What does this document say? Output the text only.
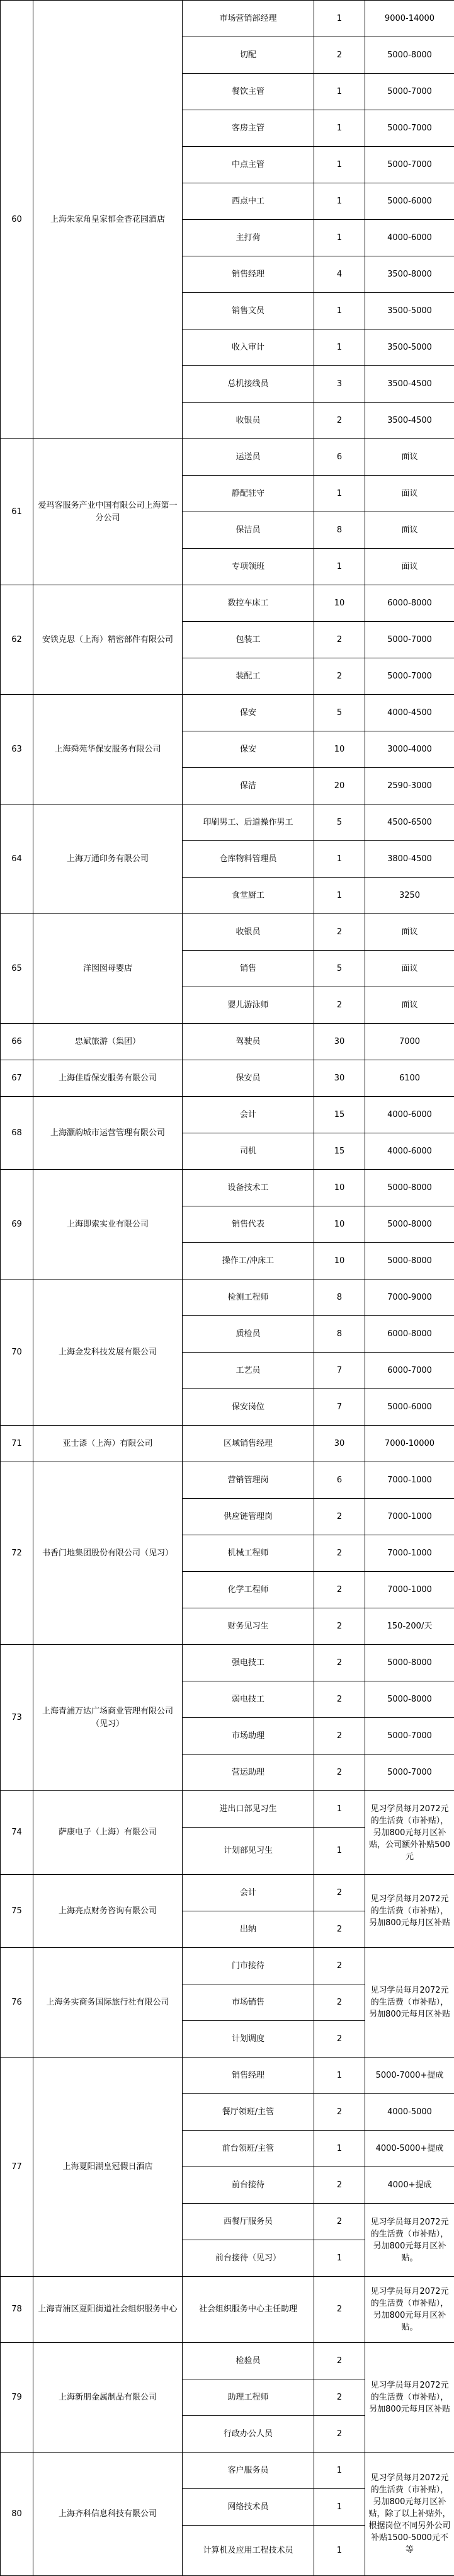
60	上海朱家角皇家郁金香花园酒店	市场营销部经理	1	9000-14000
		切配	2	5000-8000
		餐饮主管	1	5000-7000
		客房主管	1	5000-7000
		中点主管	1	5000-7000
		西点中工	1	5000-6000
		主打荷	1	4000-6000
		销售经理	4	3500-8000
		销售文员	1	3500-5000
		收入审计	1	3500-5000
		总机接线员	3	3500-4500
		收银员	2	3500-4500
61	爱玛客服务产业中国有限公司上海第一分公司	运送员	6	面议
		静配驻守	1	面议
		保洁员	8	面议
		专项领班	1	面议
62	安铁克思（上海）精密部件有限公司	数控车床工	10	6000-8000
		包装工	2	5000-7000
		装配工	2	5000-7000
63	上海舜苑华保安服务有限公司	保安	5	4000-4500
		保安	10	3000-4000
		保洁	20	2590-3000
64	上海万通印务有限公司	印刷男工、后道操作男工	5	4500-6500
		仓库物料管理员	1	3800-4500
		食堂厨工	1	3250
65	洋囡囡母婴店	收银员	2	面议
		销售	5	面议
		婴儿游泳师	2	面议
66	忠斌旅游（集团）	驾驶员	30	7000
67	上海佳盾保安服务有限公司	保安员	30	6100
68	上海灏韵城市运营管理有限公司	会计	15	4000-6000
		司机	15	4000-6000
69	上海即索实业有限公司	设备技术工	10	5000-8000
		销售代表	10	5000-8000
		操作工/冲床工	10	5000-8000
70	上海金发科技发展有限公司	检测工程师	8	7000-9000
		质检员	8	6000-8000
		工艺员	7	6000-7000
		保安岗位	7	5000-6000
71	亚士漆（上海）有限公司	区域销售经理	30	7000-10000
72	书香门地集团股份有限公司（见习）	营销管理岗	6	7000-1000
		供应链管理岗	2	7000-1000
		机械工程师	2	7000-1000
		化学工程师	2	7000-1000
		财务见习生	2	150-200/天
73	上海青浦万达广场商业管理有限公司（见习）	强电技工	2	5000-8000
		弱电技工	2	5000-8000
		市场助理	2	5000-7000
		营运助理	2	5000-7000
74	萨康电子（上海）有限公司	进出口部见习生	1	见习学员每月2072元的生活费（市补贴），另加800元每月区补贴，公司额外补贴500元
		计划部见习生	1	
75	上海亮点财务咨询有限公司	会计	2	见习学员每月2072元的生活费（市补贴），另加800元每月区补贴
		出纳	2	
76	上海务实商务国际旅行社有限公司	门市接待	2	见习学员每月2072元的生活费（市补贴），另加800元每月区补贴
		市场销售	2	
		计划调度	2	
77	上海夏阳湖皇冠假日酒店	销售经理	1	5000-7000+提成
		餐厅领班/主管	2	4000-5000
		前台领班/主管	1	4000-5000+提成
		前台接待	2	4000+提成
		西餐厅服务员	2	见习学员每月2072元的生活费（市补贴），另加800元每月区补贴。
		前台接待（见习）	1	
78	上海青浦区夏阳街道社会组织服务中心	社会组织服务中心主任助理	2	见习学员每月2072元的生活费（市补贴），另加800元每月区补贴。
79	上海新朋金属制品有限公司	检验员	2	见习学员每月2072元的生活费（市补贴），另加800元每月区补贴
		助理工程师	2	
		行政办公人员	2	
80	上海齐科信息科技有限公司	客户服务员	1	见习学员每月2072元的生活费（市补贴），另加800元每月区补贴，除了以上补贴外，根据岗位不同另外公司补贴1500-5000元不等
		网络技术员	1	
		计算机及应用工程技术员	1	
